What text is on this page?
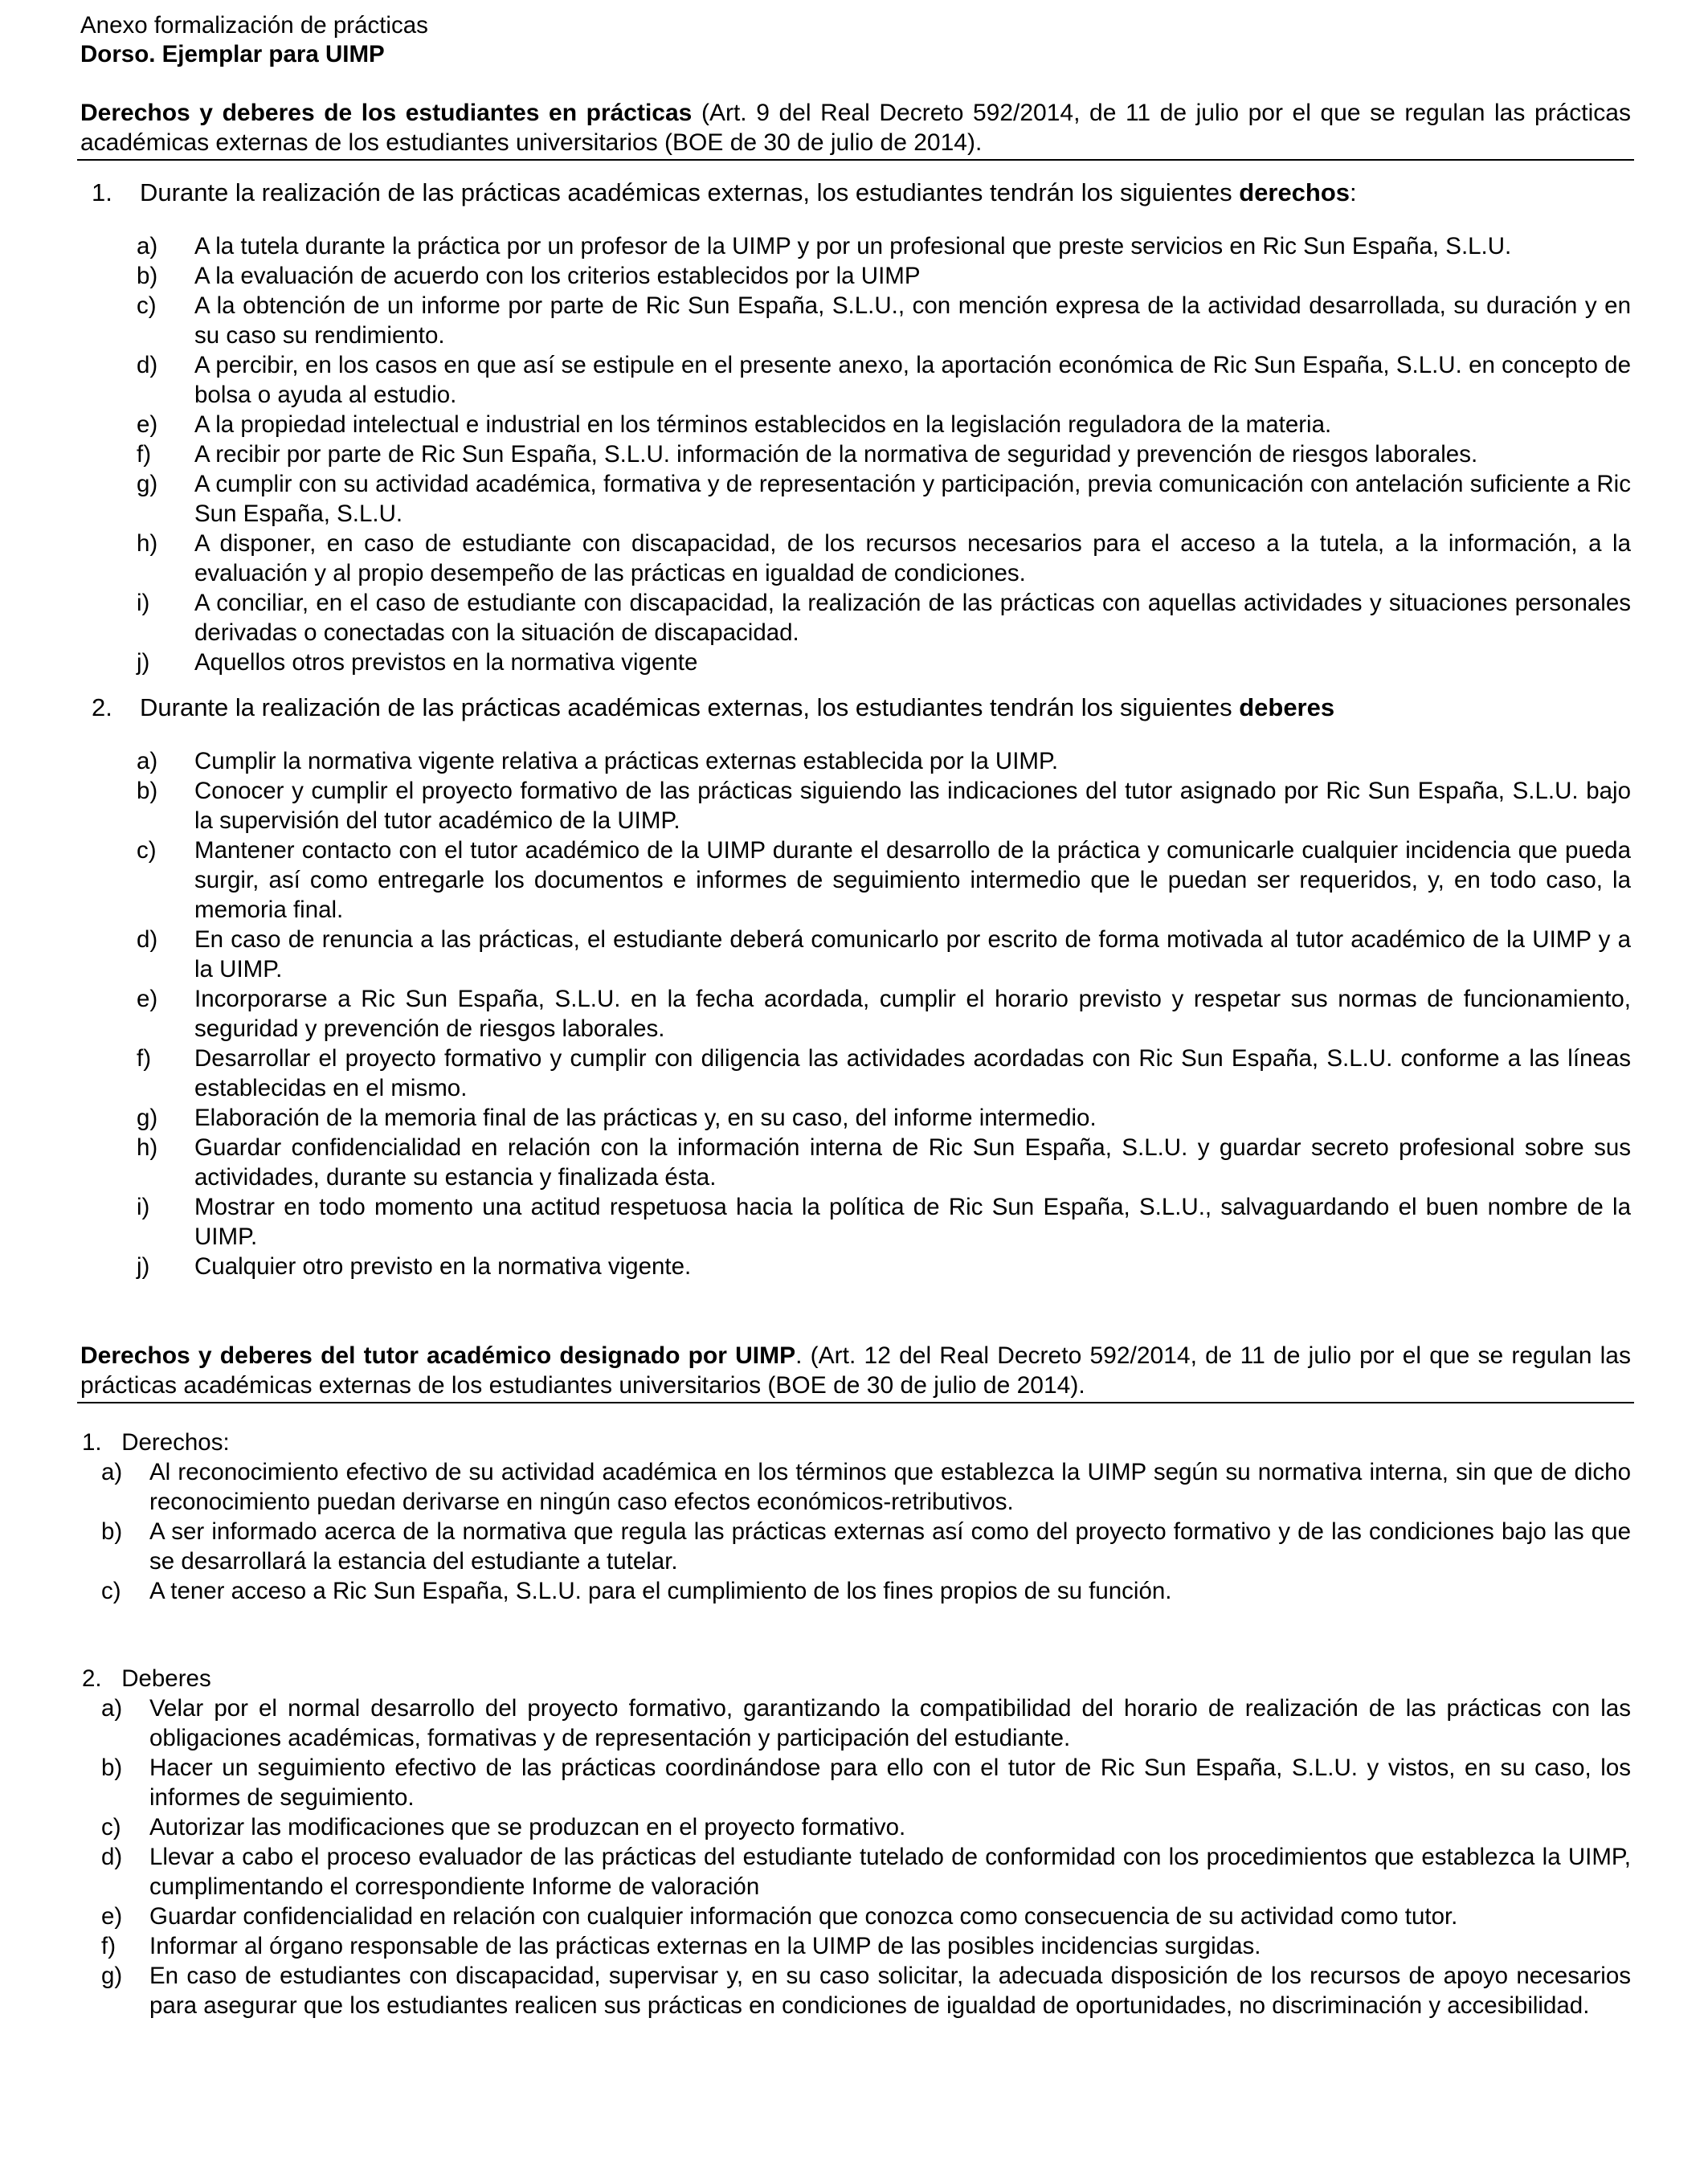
Anexo formalización de prácticas
Dorso. Ejemplar para UIMP

Derechos y deberes de los estudiantes en prácticas (Art. 9 del Real Decreto 592/2014, de 11 de julio por el que se regulan las prácticas académicas externas de los estudiantes universitarios (BOE de 30 de julio de 2014).

1.	Durante la realización de las prácticas académicas externas, los estudiantes tendrán los siguientes derechos:
a)	A la tutela durante la práctica por un profesor de la UIMP y por un profesional que preste servicios en Ric Sun España, S.L.U.
b)	A la evaluación de acuerdo con los criterios establecidos por la UIMP
c)	A la obtención de un informe por parte de Ric Sun España, S.L.U., con mención expresa de la actividad desarrollada, su duración y en su caso su rendimiento.
d)	A percibir, en los casos en que así se estipule en el presente anexo, la aportación económica de Ric Sun España, S.L.U. en concepto de bolsa o ayuda al estudio.
e)	A la propiedad intelectual e industrial en los términos establecidos en la legislación reguladora de la materia.
f)	A recibir por parte de Ric Sun España, S.L.U. información de la normativa de seguridad y prevención de riesgos laborales.
g)	A cumplir con su actividad académica, formativa y de representación y participación, previa comunicación con antelación suficiente a Ric Sun España, S.L.U.
h)	A disponer, en caso de estudiante con discapacidad, de los recursos necesarios para el acceso a la tutela, a la información, a la evaluación y al propio desempeño de las prácticas en igualdad de condiciones.
i)	A conciliar, en el caso de estudiante con discapacidad, la realización de las prácticas con aquellas actividades y situaciones personales derivadas o conectadas con la situación de discapacidad.
j)	Aquellos otros previstos en la normativa vigente
2.	Durante la realización de las prácticas académicas externas, los estudiantes tendrán los siguientes deberes
a)	Cumplir la normativa vigente relativa a prácticas externas establecida por la UIMP.
b)	Conocer y cumplir el proyecto formativo de las prácticas siguiendo las indicaciones del tutor asignado por Ric Sun España, S.L.U. bajo la supervisión del tutor académico de la UIMP.
c)	Mantener contacto con el tutor académico de la UIMP durante el desarrollo de la práctica y comunicarle cualquier incidencia que pueda surgir, así como entregarle los documentos e informes de seguimiento intermedio que le puedan ser requeridos, y, en todo caso, la memoria final.
d)	En caso de renuncia a las prácticas, el estudiante deberá comunicarlo por escrito de forma motivada al tutor académico de la UIMP y a la UIMP.
e)	Incorporarse a Ric Sun España, S.L.U. en la fecha acordada, cumplir el horario previsto y respetar sus normas de funcionamiento, seguridad y prevención de riesgos laborales.
f)	Desarrollar el proyecto formativo y cumplir con diligencia las actividades acordadas con Ric Sun España, S.L.U. conforme a las líneas establecidas en el mismo.
g)	Elaboración de la memoria final de las prácticas y, en su caso, del informe intermedio.
h)	Guardar confidencialidad en relación con la información interna de Ric Sun España, S.L.U. y guardar secreto profesional sobre sus actividades, durante su estancia y finalizada ésta.
i)	Mostrar en todo momento una actitud respetuosa hacia la política de Ric Sun España, S.L.U., salvaguardando el buen nombre de la UIMP.
j)	Cualquier otro previsto en la normativa vigente.

Derechos y deberes del tutor académico designado por UIMP. (Art. 12 del Real Decreto 592/2014, de 11 de julio por el que se regulan las prácticas académicas externas de los estudiantes universitarios (BOE de 30 de julio de 2014).

1.   Derechos:
a)	Al reconocimiento efectivo de su actividad académica en los términos que establezca la UIMP según su normativa interna, sin que de dicho reconocimiento puedan derivarse en ningún caso efectos económicos-retributivos.
b)	A ser informado acerca de la normativa que regula las prácticas externas así como del proyecto formativo y de las condiciones bajo las que se desarrollará la estancia del estudiante a tutelar.
c)	A tener acceso a Ric Sun España, S.L.U. para el cumplimiento de los fines propios de su función.
2.   Deberes
a)	Velar por el normal desarrollo del proyecto formativo, garantizando la compatibilidad del horario de realización de las prácticas con las obligaciones académicas, formativas y de representación y participación del estudiante.
b)	Hacer un seguimiento efectivo de las prácticas coordinándose para ello con el tutor de Ric Sun España, S.L.U. y vistos, en su caso, los informes de seguimiento.
c)	Autorizar las modificaciones que se produzcan en el proyecto formativo.
d)	Llevar a cabo el proceso evaluador de las prácticas del estudiante tutelado de conformidad con los procedimientos que establezca la UIMP, cumplimentando el correspondiente Informe de valoración
e)	Guardar confidencialidad en relación con cualquier información que conozca como consecuencia de su actividad como tutor.
f)	Informar al órgano responsable de las prácticas externas en la UIMP de las posibles incidencias surgidas.
g)	En caso de estudiantes con discapacidad, supervisar y, en su caso solicitar, la adecuada disposición de los recursos de apoyo necesarios para asegurar que los estudiantes realicen sus prácticas en condiciones de igualdad de oportunidades, no discriminación y accesibilidad.
